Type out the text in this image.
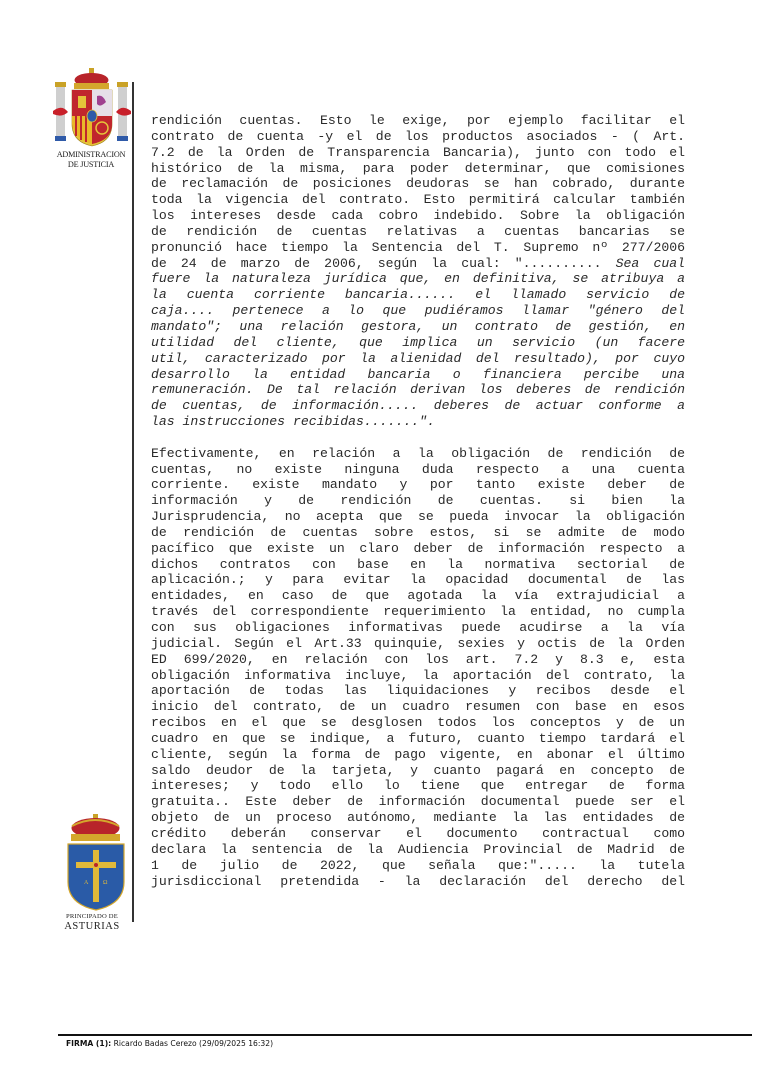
ADMINISTRACION
DE JUSTICIA

rendición cuentas. Esto le exige, por ejemplo facilitar el
contrato de cuenta -y el de los productos asociados - ( Art.
7.2 de la Orden de Transparencia Bancaria), junto con todo el
histórico de la misma, para poder determinar, que comisiones
de reclamación de posiciones deudoras se han cobrado, durante
toda la vigencia del contrato. Esto permitirá calcular también
los intereses desde cada cobro indebido. Sobre la obligación
de rendición de cuentas relativas a cuentas bancarias se
pronunció hace tiempo la Sentencia del T. Supremo nº 277/2006
de 24 de marzo de 2006, según la cual: ".......... Sea cual
fuere la naturaleza jurídica que, en definitiva, se atribuya a
la cuenta corriente bancaria...... el llamado servicio de
caja.... pertenece a lo que pudiéramos llamar "género del
mandato"; una relación gestora, un contrato de gestión, en
utilidad del cliente, que implica un servicio (un facere
util, caracterizado por la alienidad del resultado), por cuyo
desarrollo la entidad bancaria o financiera percibe una
remuneración. De tal relación derivan los deberes de rendición
de cuentas, de información..... deberes de actuar conforme a
las instrucciones recibidas.......".

Efectivamente, en relación a la obligación de rendición de
cuentas, no existe ninguna duda respecto a una cuenta
corriente. existe mandato y por tanto existe deber de
información y de rendición de cuentas. si bien la
Jurisprudencia, no acepta que se pueda invocar la obligación
de rendición de cuentas sobre estos, si se admite de modo
pacífico que existe un claro deber de información respecto a
dichos contratos con base en la normativa sectorial de
aplicación.; y para evitar la opacidad documental de las
entidades, en caso de que agotada la vía extrajudicial a
través del correspondiente requerimiento la entidad, no cumpla
con sus obligaciones informativas puede acudirse a la vía
judicial. Según el Art.33 quinquie, sexies y octis de la Orden
ED 699/2020, en relación con los art. 7.2 y 8.3 e, esta
obligación informativa incluye, la aportación del contrato, la
aportación de todas las liquidaciones y recibos desde el
inicio del contrato, de un cuadro resumen con base en esos
recibos en el que se desglosen todos los conceptos y de un
cuadro en que se indique, a futuro, cuanto tiempo tardará el
cliente, según la forma de pago vigente, en abonar el último
saldo deudor de la tarjeta, y cuanto pagará en concepto de
intereses; y todo ello lo tiene que entregar de forma
gratuita.. Este deber de información documental puede ser el
objeto de un proceso autónomo, mediante la las entidades de
crédito deberán conservar el documento contractual como
declara la sentencia de la Audiencia Provincial de Madrid de
1 de julio de 2022, que señala que:"..... la tutela
jurisdiccional pretendida - la declaración del derecho del

A Ω
PRINCIPADO DE
ASTURIAS
FIRMA (1): Ricardo Badas Cerezo (29/09/2025 16:32)
